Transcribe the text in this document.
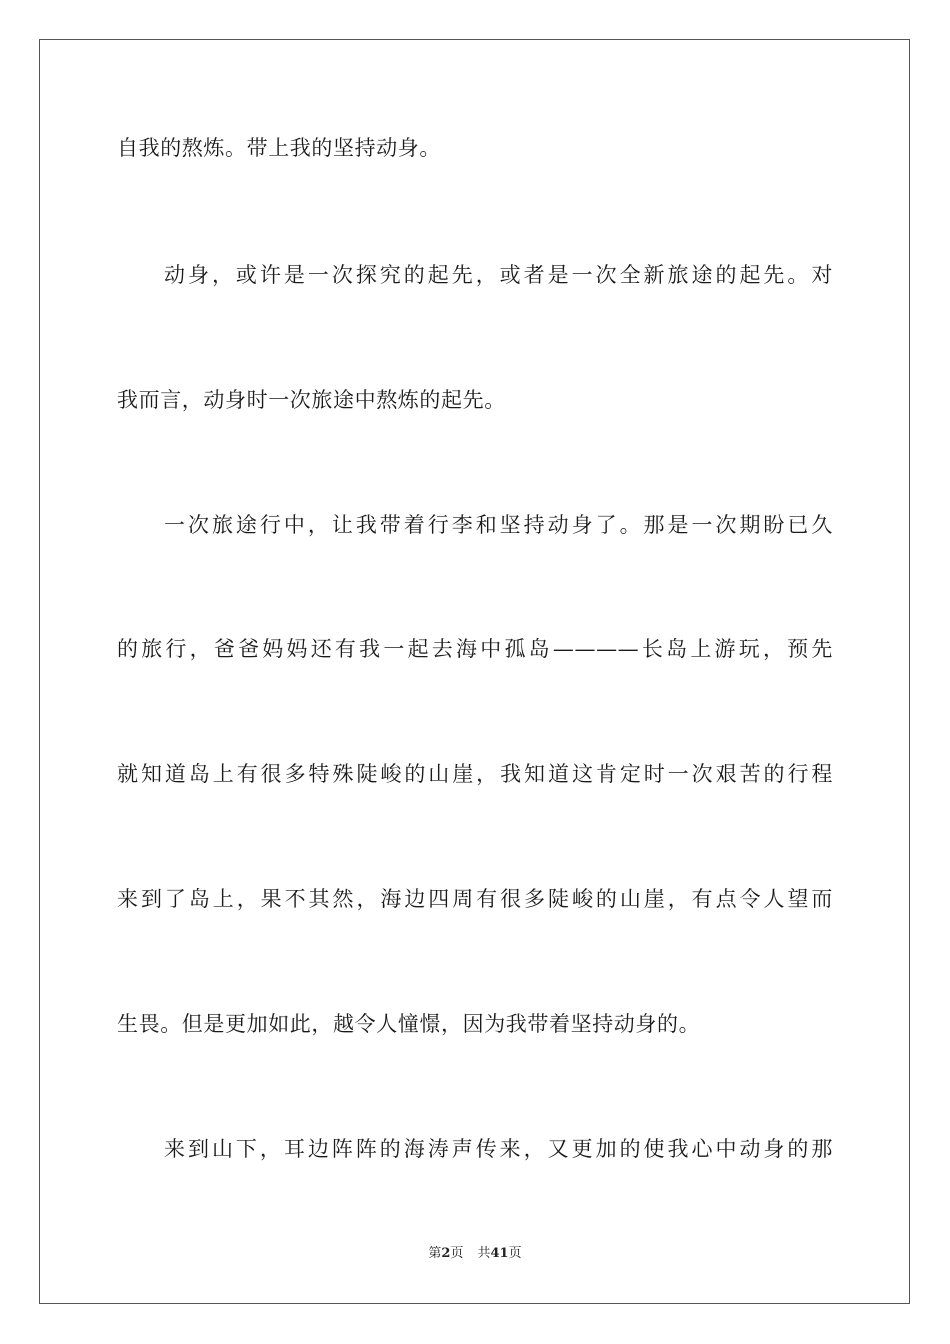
自我的熬炼。带上我的坚持动身。
动身，或许是一次探究的起先，或者是一次全新旅途的起先。对
我而言，动身时一次旅途中熬炼的起先。
一次旅途行中，让我带着行李和坚持动身了。那是一次期盼已久
的旅行，爸爸妈妈还有我一起去海中孤岛————长岛上游玩，预先
就知道岛上有很多特殊陡峻的山崖，我知道这肯定时一次艰苦的行程
来到了岛上，果不其然，海边四周有很多陡峻的山崖，有点令人望而
生畏。但是更加如此，越令人憧憬，因为我带着坚持动身的。
来到山下，耳边阵阵的海涛声传来，又更加的使我心中动身的那
第2页 共41页
